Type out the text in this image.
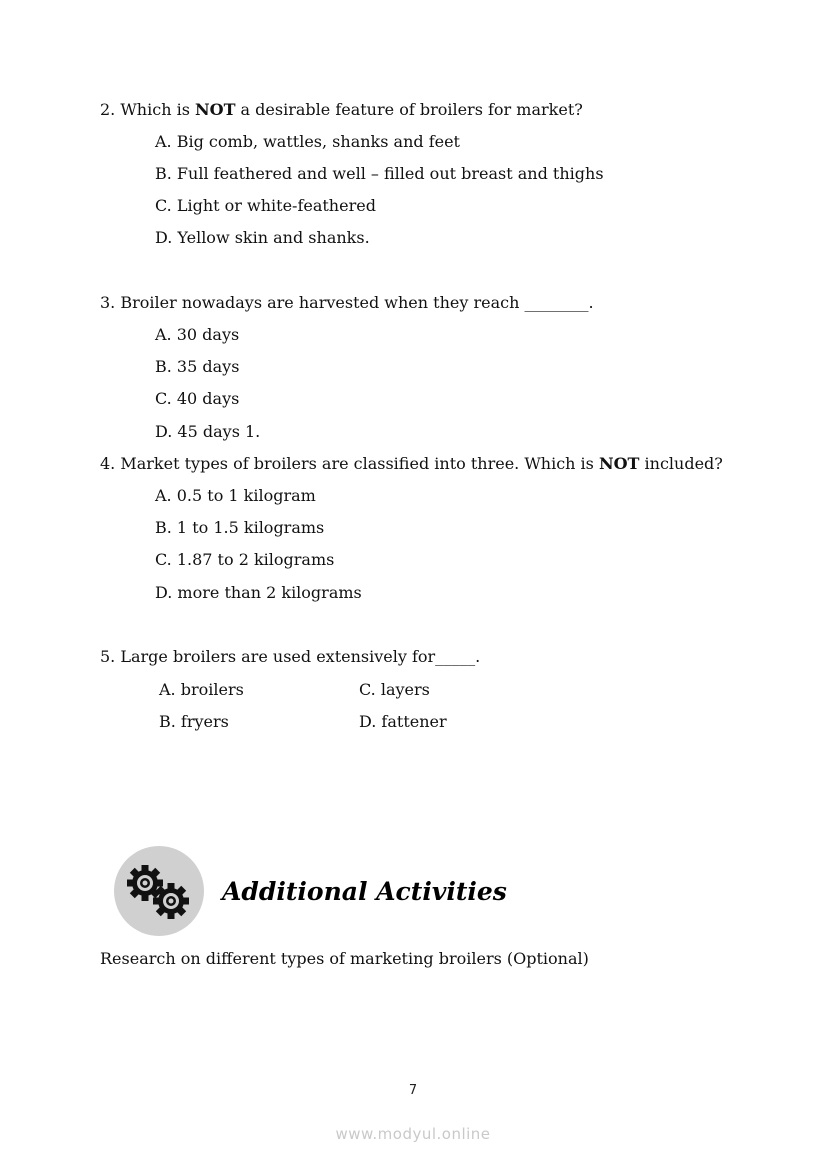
2. Which is NOT a desirable feature of broilers for market?
A. Big comb, wattles, shanks and feet
B. Full feathered and well – filled out breast and thighs
C. Light or white-feathered
D. Yellow skin and shanks.
3. Broiler nowadays are harvested when they reach ________.
A. 30 days
B. 35 days
C. 40 days
D. 45 days 1.
4. Market types of broilers are classified into three. Which is NOT included?
A. 0.5 to 1 kilogram
B. 1 to 1.5 kilograms
C. 1.87 to 2 kilograms
D. more than 2 kilograms
5. Large broilers are used extensively for_____.
A. broilers	C. layers
B. fryers	D. fattener
Additional Activities
Research on different types of marketing broilers (Optional)
7
www.modyul.online
